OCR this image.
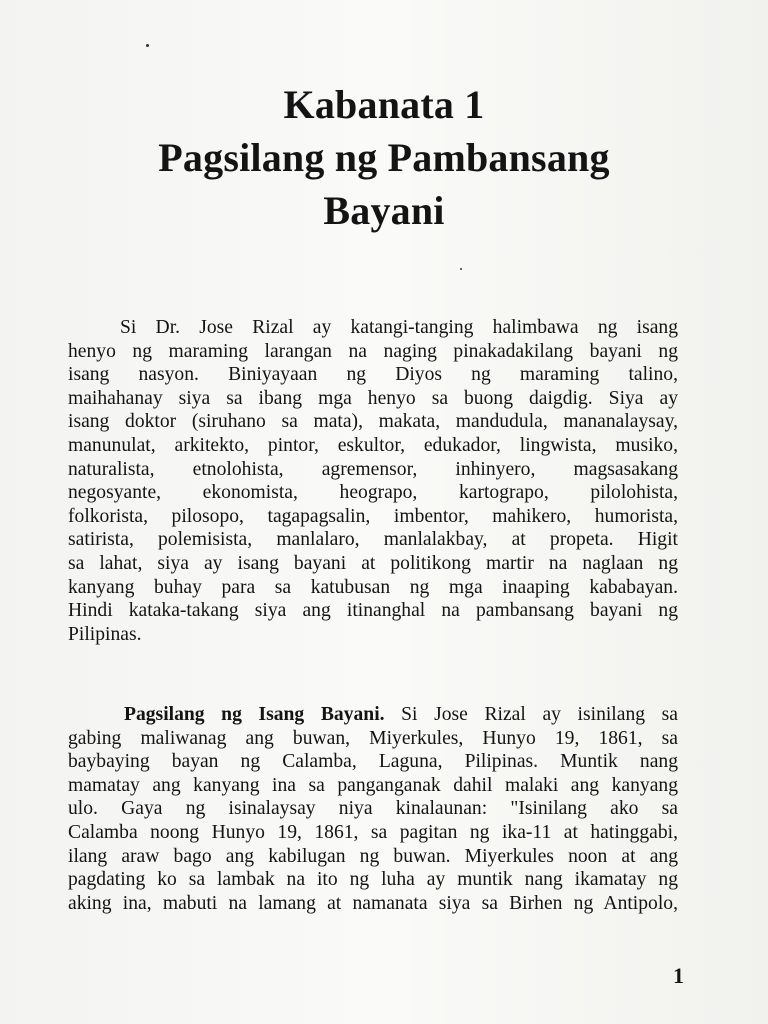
Kabanata 1
Pagsilang ng Pambansang
Bayani
Si Dr. Jose Rizal ay katangi-tanging halimbawa ng isang
henyo ng maraming larangan na naging pinakadakilang bayani ng
isang nasyon. Biniyayaan ng Diyos ng maraming talino,
maihahanay siya sa ibang mga henyo sa buong daigdig. Siya ay
isang doktor (siruhano sa mata), makata, mandudula, mananalaysay,
manunulat, arkitekto, pintor, eskultor, edukador, lingwista, musiko,
naturalista, etnolohista, agremensor, inhinyero, magsasakang
negosyante, ekonomista, heograpo, kartograpo, pilolohista,
folkorista, pilosopo, tagapagsalin, imbentor, mahikero, humorista,
satirista, polemisista, manlalaro, manlalakbay, at propeta. Higit
sa lahat, siya ay isang bayani at politikong martir na naglaan ng
kanyang buhay para sa katubusan ng mga inaaping kababayan.
Hindi kataka-takang siya ang itinanghal na pambansang bayani ng
Pilipinas.
Pagsilang ng Isang Bayani. Si Jose Rizal ay isinilang sa
gabing maliwanag ang buwan, Miyerkules, Hunyo 19, 1861, sa
baybaying bayan ng Calamba, Laguna, Pilipinas. Muntik nang
mamatay ang kanyang ina sa panganganak dahil malaki ang kanyang
ulo. Gaya ng isinalaysay niya kinalaunan: "Isinilang ako sa
Calamba noong Hunyo 19, 1861, sa pagitan ng ika-11 at hatinggabi,
ilang araw bago ang kabilugan ng buwan. Miyerkules noon at ang
pagdating ko sa lambak na ito ng luha ay muntik nang ikamatay ng
aking ina, mabuti na lamang at namanata siya sa Birhen ng Antipolo,
1
